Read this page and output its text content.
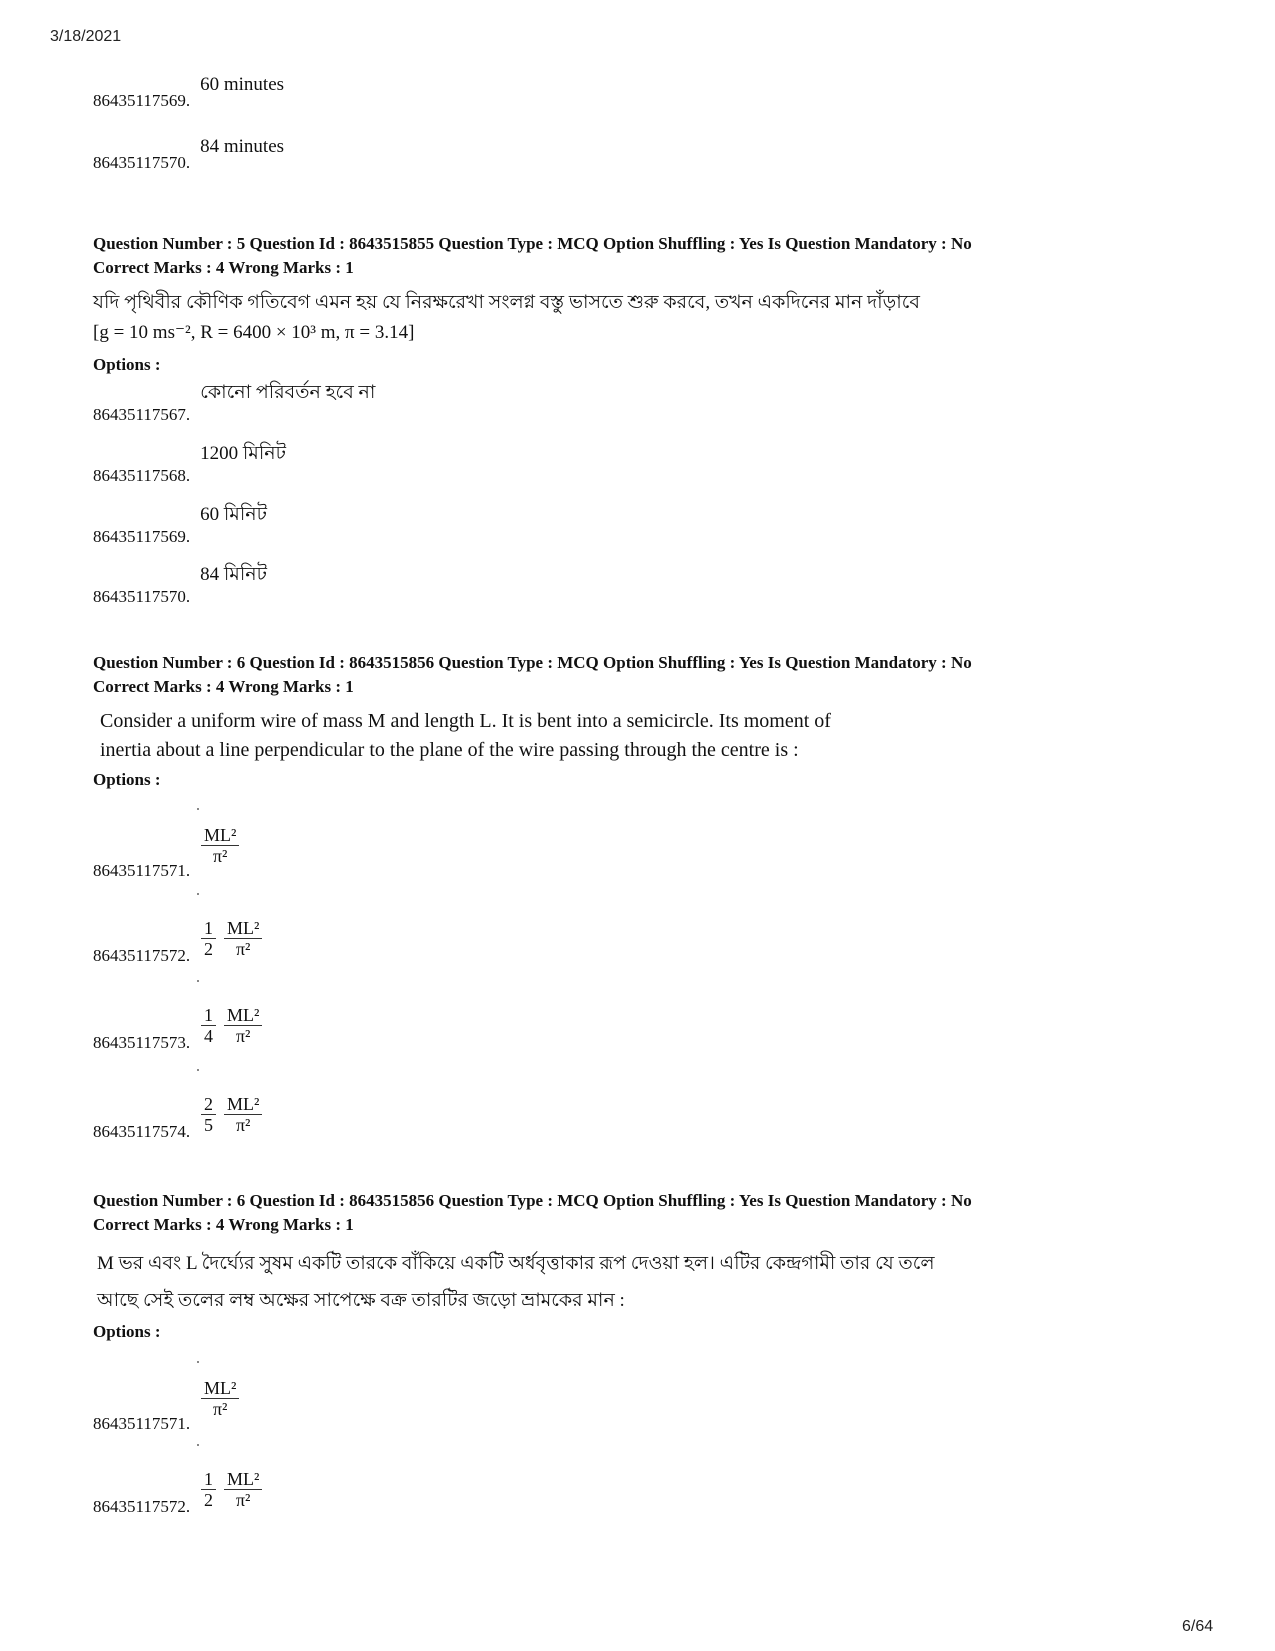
3/18/2021
86435117569.
60 minutes
86435117570.
84 minutes
Question Number : 5 Question Id : 8643515855 Question Type : MCQ Option Shuffling : Yes Is Question Mandatory : No
Correct Marks : 4 Wrong Marks : 1
যদি পৃথিবীর কৌণিক গতিবেগ এমন হয় যে নিরক্ষরেখা সংলগ্ন বস্তু ভাসতে শুরু করবে, তখন একদিনের মান দাঁড়াবে
[g = 10 ms⁻², R = 6400 × 10³ m, π = 3.14]
Options :
86435117567.
কোনো পরিবর্তন হবে না
86435117568.
1200 মিনিট
86435117569.
60 মিনিট
86435117570.
84 মিনিট
Question Number : 6 Question Id : 8643515856 Question Type : MCQ Option Shuffling : Yes Is Question Mandatory : No
Correct Marks : 4 Wrong Marks : 1
Consider a uniform wire of mass M and length L. It is bent into a semicircle. Its moment of
inertia about a line perpendicular to the plane of the wire passing through the centre is :
Options :
86435117571.
$\frac{\text{ML²}}{\text{π²}}$
86435117572. $\frac{1}{2} \frac{\text{ML²}}{\text{π²}}$
86435117573. $\frac{1}{4} \frac{\text{ML²}}{\text{π²}}$
86435117574. $\frac{2}{5} \frac{\text{ML²}}{\text{π²}}$
Question Number : 6 Question Id : 8643515856 Question Type : MCQ Option Shuffling : Yes Is Question Mandatory : No
Correct Marks : 4 Wrong Marks : 1
M ভর এবং L দৈর্ঘ্যের সুষম একটি তারকে বাঁকিয়ে একটি অর্ধবৃত্তাকার রূপ দেওয়া হল। এটির কেন্দ্রগামী তার যে তলে
আছে সেই তলের লম্ব অক্ষের সাপেক্ষে বক্র তারটির জড়ো ভ্রামকের মান :
Options :
86435117571.
$\frac{\text{ML²}}{\text{π²}}$
86435117572. $\frac{1}{2} \frac{\text{ML²}}{\text{π²}}$
6/64
